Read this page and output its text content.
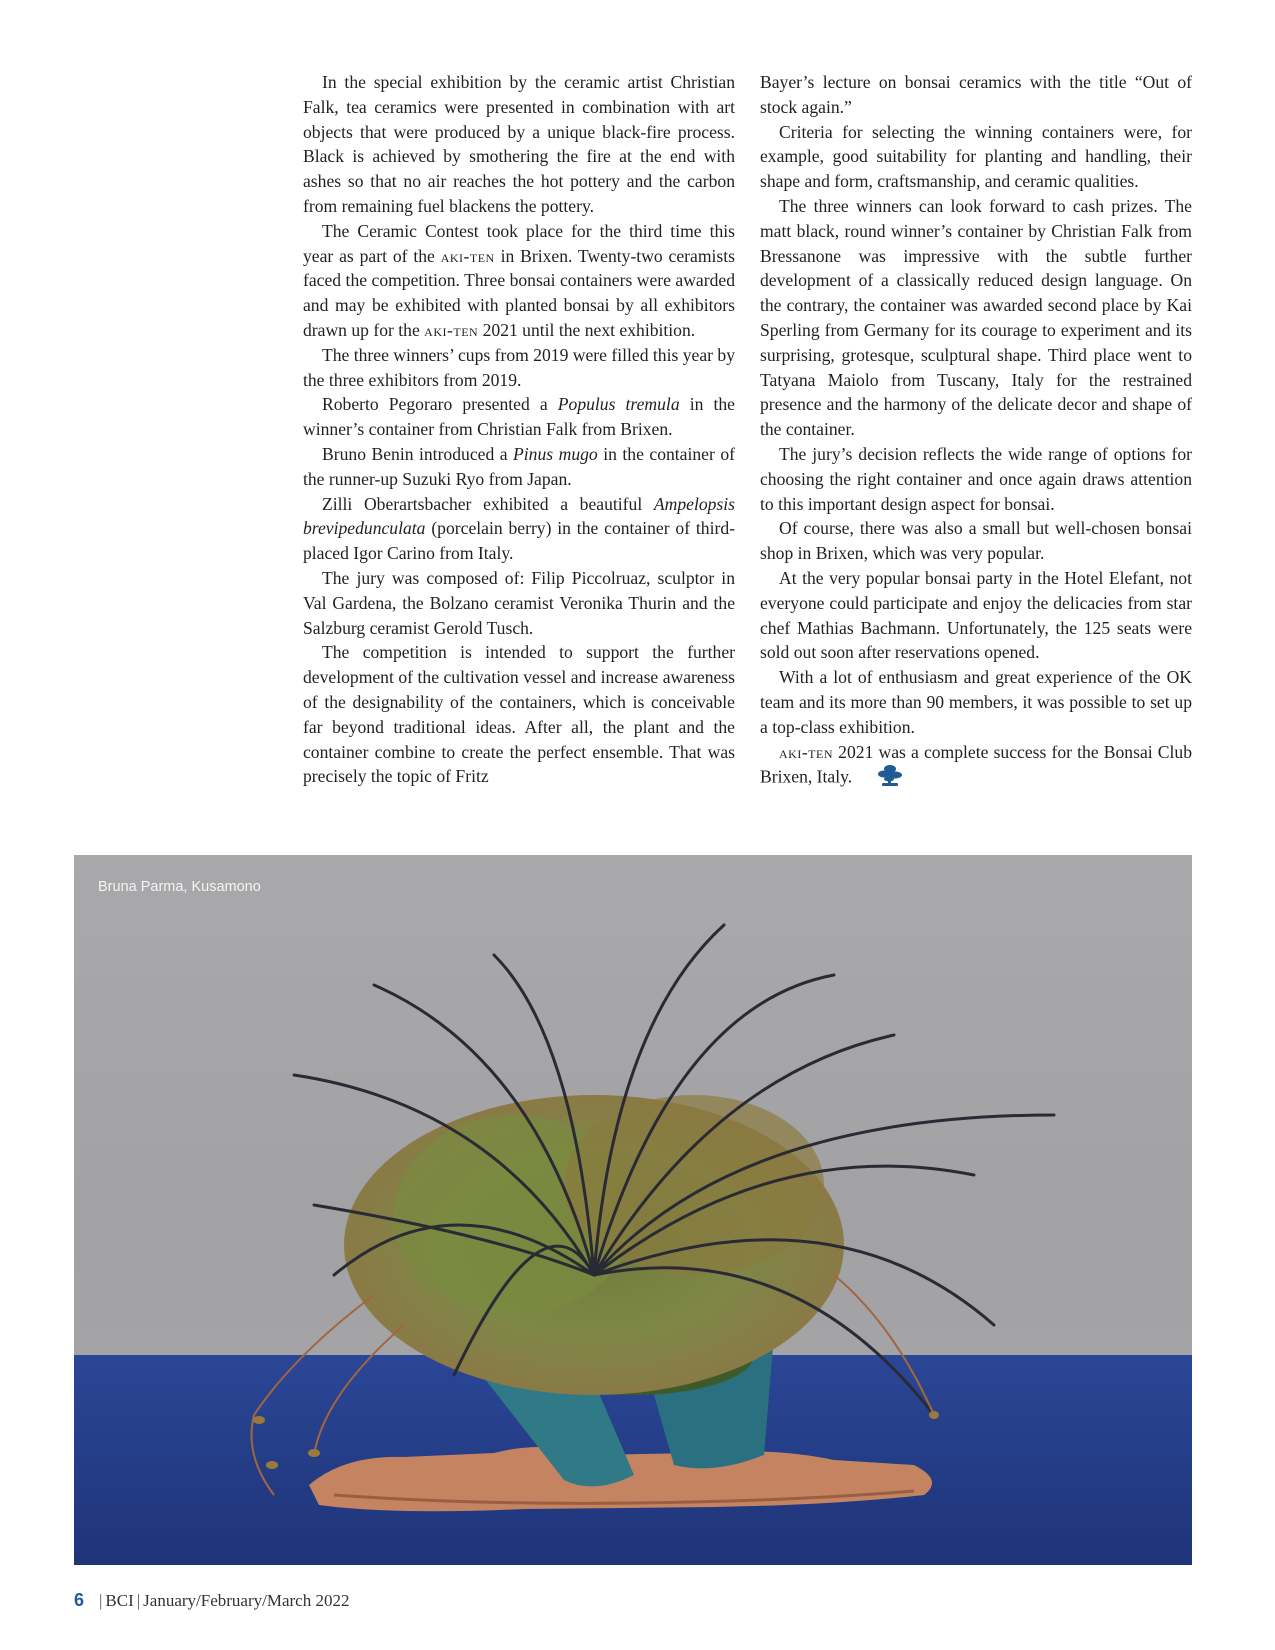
In the special exhibition by the ceramic artist Christian Falk, tea ceramics were presented in combination with art objects that were produced by a unique black-fire process. Black is achieved by smothering the fire at the end with ashes so that no air reaches the hot pottery and the carbon from remaining fuel blackens the pottery.

The Ceramic Contest took place for the third time this year as part of the aki-ten in Brixen. Twenty-two ceramists faced the competition. Three bonsai containers were awarded and may be exhibited with planted bonsai by all exhibitors drawn up for the aki-ten 2021 until the next exhibition.

The three winners’ cups from 2019 were filled this year by the three exhibitors from 2019.

Roberto Pegoraro presented a Populus tremula in the winner’s container from Christian Falk from Brixen.

Bruno Benin introduced a Pinus mugo in the container of the runner-up Suzuki Ryo from Japan.

Zilli Oberartsbacher exhibited a beautiful Ampelopsis brevipedunculata (porcelain berry) in the container of third-placed Igor Carino from Italy.

The jury was composed of: Filip Piccolruaz, sculptor in Val Gardena, the Bolzano ceramist Veronika Thurin and the Salzburg ceramist Gerold Tusch.

The competition is intended to support the further development of the cultivation vessel and increase awareness of the designability of the containers, which is conceivable far beyond traditional ideas. After all, the plant and the container combine to create the perfect ensemble. That was precisely the topic of Fritz

Bayer’s lecture on bonsai ceramics with the title “Out of stock again.”

Criteria for selecting the winning containers were, for example, good suitability for planting and handling, their shape and form, craftsmanship, and ceramic qualities.

The three winners can look forward to cash prizes. The matt black, round winner’s container by Christian Falk from Bressanone was impressive with the subtle further development of a classically reduced design language. On the contrary, the container was awarded second place by Kai Sperling from Germany for its courage to experiment and its surprising, grotesque, sculptural shape. Third place went to Tatyana Maiolo from Tuscany, Italy for the restrained presence and the harmony of the delicate decor and shape of the container.

The jury’s decision reflects the wide range of options for choosing the right container and once again draws attention to this important design aspect for bonsai.

Of course, there was also a small but well-chosen bonsai shop in Brixen, which was very popular.

At the very popular bonsai party in the Hotel Elefant, not everyone could participate and enjoy the delicacies from star chef Mathias Bachmann. Unfortunately, the 125 seats were sold out soon after reservations opened.

With a lot of enthusiasm and great experience of the OK team and its more than 90 members, it was possible to set up a top-class exhibition.

aki-ten 2021 was a complete success for the Bonsai Club Brixen, Italy.

Bruna Parma, Kusamono
6 | BCI | January/February/March 2022
